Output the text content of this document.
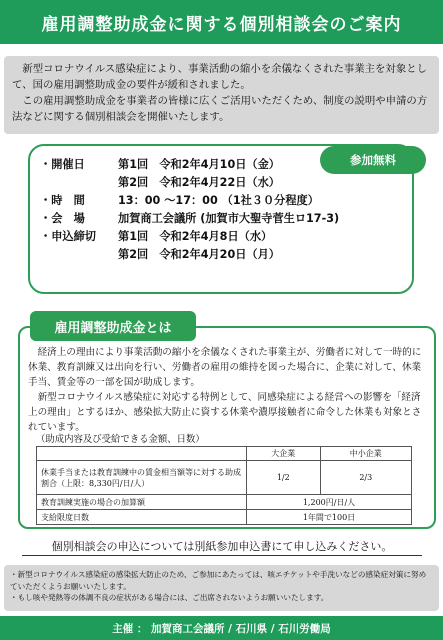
雇用調整助成金に関する個別相談会のご案内

新型コロナウイルス感染症により、事業活動の縮小を余儀なくされた事業主を対象として、国の雇用調整助成金の要件が緩和されました。

この雇用調整助成金を事業者の皆様に広くご活用いただくため、制度の説明や申請の方法などに関する個別相談会を開催いたします。

・開催日	第1回　令和2年4月10日（金）
第2回　令和2年4月22日（水）
・時　間	13：00 〜17：00 （1社３０分程度）
・会　場	加賀商工会議所 (加賀市大聖寺菅生ロ17-3)
・申込締切	第1回　令和2年4月8日（水）
第2回　令和2年4月20日（月）
参加無料
雇用調整助成金とは

経済上の理由により事業活動の縮小を余儀なくされた事業主が、労働者に対して一時的に休業、教育訓練又は出向を行い、労働者の雇用の維持を図った場合に、企業に対して、休業手当、賃金等の一部を国が助成します。

新型コロナウイルス感染症に対応する特例として、同感染症による経営への影響を「経済上の理由」とするほか、感染拡大防止に資する休業や濃厚接触者に命令した休業も対象とされています。

（助成内容及び受給できる金額、日数）
	大企業	中小企業
休業手当または教育訓練中の賃金相当額等に対する助成割合（上限：8,330円/日/人）	1/2	2/3
教育訓練実施の場合の加算額	1,200円/日/人	
支給限度日数	1年間で100日	
個別相談会の申込については別紙参加申込書にて申し込みください。
・新型コロナウイルス感染症の感染拡大防止のため、ご参加にあたっては、咳エチケットや手洗いなどの感染症対策に努めていただくようお願いいたします。
・もし咳や発熱等の体調不良の症状がある場合には、ご出席されないようお願いいたします。
主催 ： 加賀商工会議所 / 石川県 / 石川労働局
